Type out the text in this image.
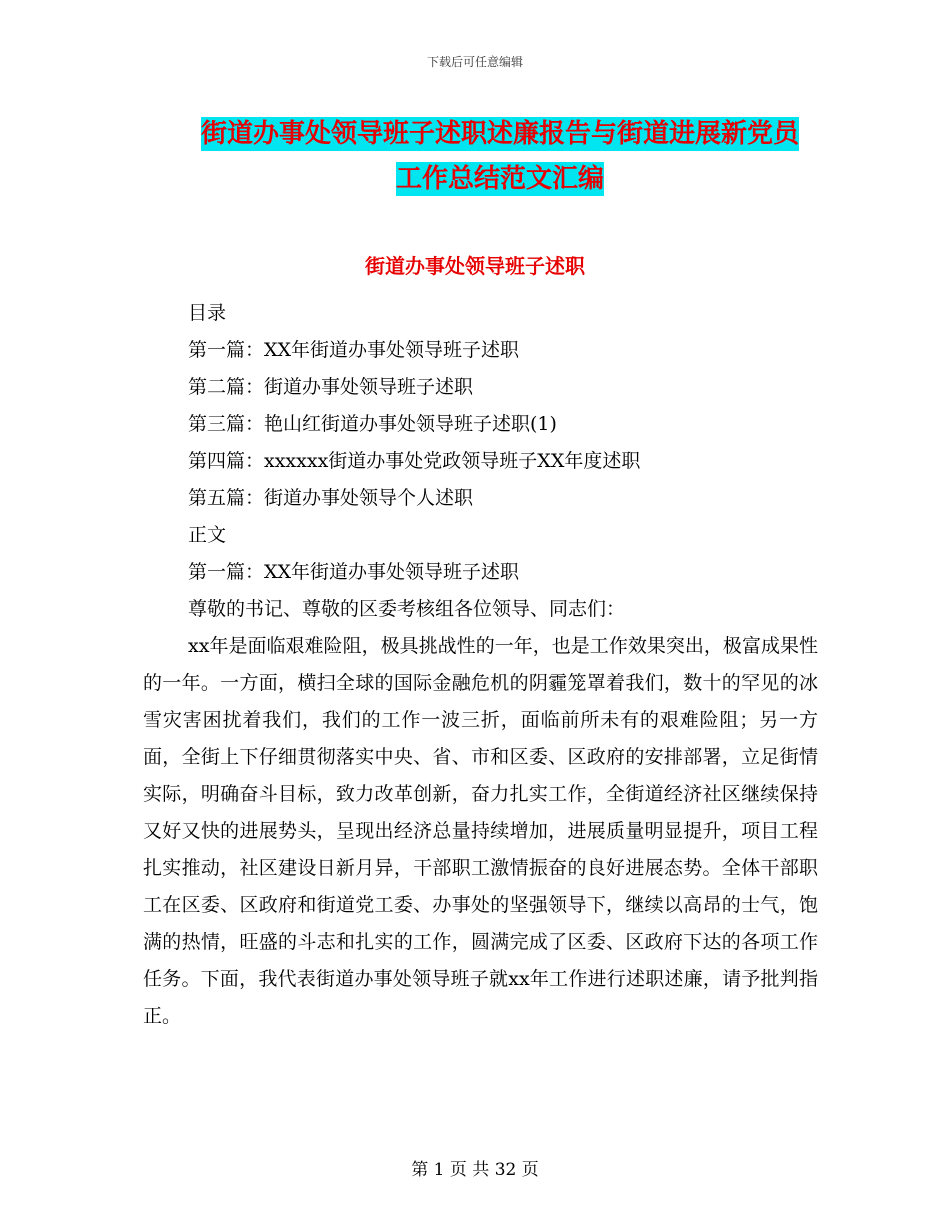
下载后可任意编辑
街道办事处领导班子述职述廉报告与街道进展新党员
工作总结范文汇编
街道办事处领导班子述职
目录
第一篇：XX年街道办事处领导班子述职
第二篇：街道办事处领导班子述职
第三篇：艳山红街道办事处领导班子述职(1)
第四篇：xxxxxx街道办事处党政领导班子XX年度述职
第五篇：街道办事处领导个人述职
正文
第一篇：XX年街道办事处领导班子述职
尊敬的书记、尊敬的区委考核组各位领导、同志们：
xx年是面临艰难险阻，极具挑战性的一年，也是工作效果突出，极富成果性的一年。一方面，横扫全球的国际金融危机的阴霾笼罩着我们，数十的罕见的冰雪灾害困扰着我们，我们的工作一波三折，面临前所未有的艰难险阻；另一方面，全街上下仔细贯彻落实中央、省、市和区委、区政府的安排部署，立足街情实际，明确奋斗目标，致力改革创新，奋力扎实工作，全街道经济社区继续保持又好又快的进展势头，呈现出经济总量持续增加，进展质量明显提升，项目工程扎实推动，社区建设日新月异，干部职工激情振奋的良好进展态势。全体干部职工在区委、区政府和街道党工委、办事处的坚强领导下，继续以高昂的士气，饱满的热情，旺盛的斗志和扎实的工作，圆满完成了区委、区政府下达的各项工作任务。下面，我代表街道办事处领导班子就xx年工作进行述职述廉，请予批判指正。
第 1 页 共 32 页
